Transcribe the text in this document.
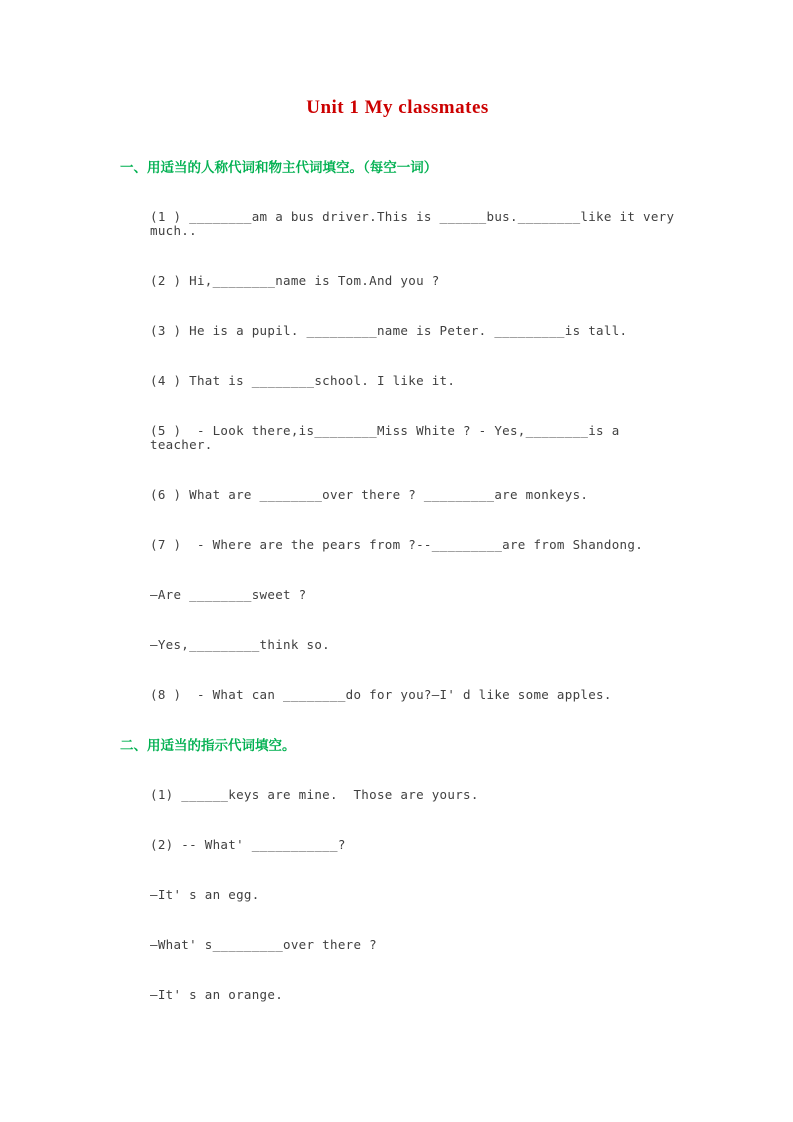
Unit 1 My classmates
一、用适当的人称代词和物主代词填空。（每空一词）

(1 ) ________am a bus driver.This is ______bus.________like it very much..

(2 ) Hi,________name is Tom.And you ?

(3 ) He is a pupil. _________name is Peter. _________is tall.

(4 ) That is ________school. I like it.

(5 )  - Look there,is________Miss White ? - Yes,________is a teacher.

(6 ) What are ________over there ? _________are monkeys.

(7 )  - Where are the pears from ?--_________are from Shandong.

—Are ________sweet ?

—Yes,_________think so.

(8 )  - What can ________do for you?—I' d like some apples.

二、用适当的指示代词填空。

(1) ______keys are mine.  Those are yours.

(2) -- What' ___________?

—It' s an egg.

—What' s_________over there ?

—It' s an orange.
